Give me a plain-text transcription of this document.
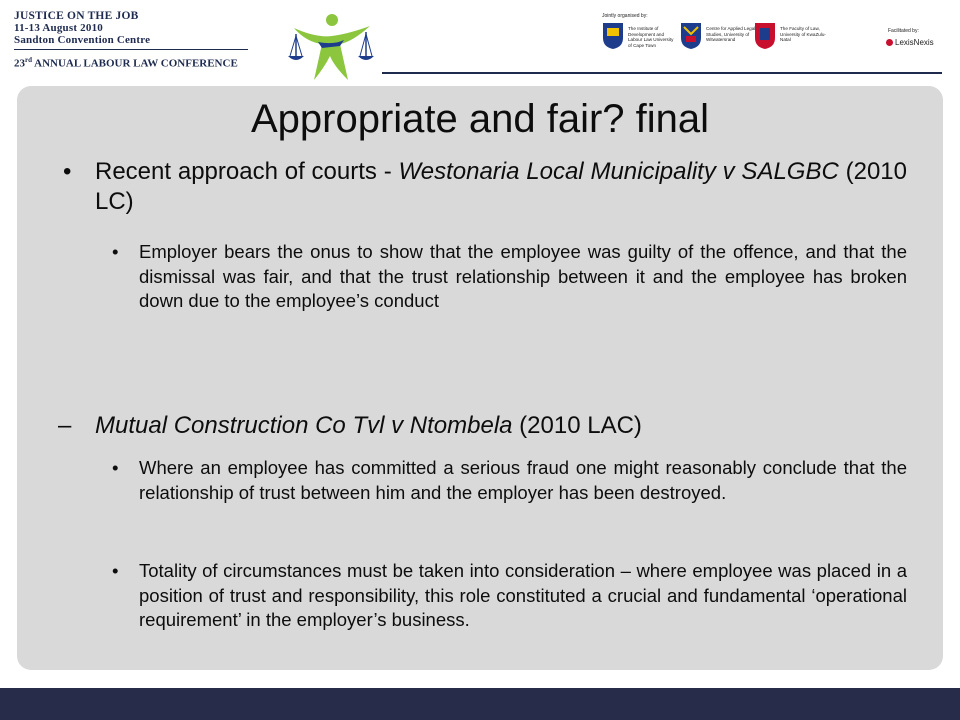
JUSTICE ON THE JOB
11-13 August 2010
Sandton Convention Centre
23rd ANNUAL LABOUR LAW CONFERENCE
Jointly organised by:
The Institute of Development and Labour Law University of Cape Town
Centre for Applied Legal Studies, University of Witwatersrand
The Faculty of Law, University of KwaZulu-Natal
Facilitated by:
LexisNexis
Appropriate and fair? final
• Recent approach of courts - Westonaria Local Municipality v SALGBC (2010 LC)
• Employer bears the onus to show that the employee was guilty of the offence, and that the dismissal was fair, and that the trust relationship between it and the employee has broken down due to the employee’s conduct
– Mutual Construction Co Tvl v Ntombela (2010 LAC)
• Where an employee has committed a serious fraud one might reasonably conclude that the relationship of trust between him and the employer has been destroyed.
• Totality of circumstances must be taken into consideration – where employee was placed in a position of trust and responsibility, this role constituted a crucial and fundamental ‘operational requirement’ in the employer’s business.
